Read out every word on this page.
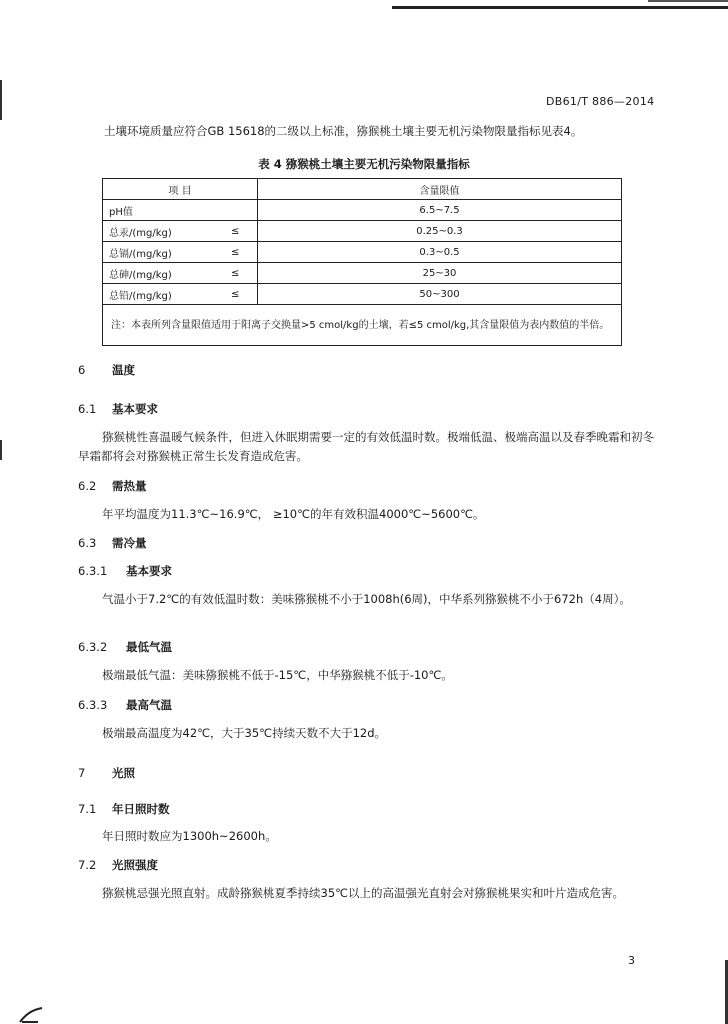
DB61/T 886—2014

土壤环境质量应符合GB 15618的二级以上标准，猕猴桃土壤主要无机污染物限量指标见表4。

表 4 猕猴桃土壤主要无机污染物限量指标
项 目		含量限值
pH值		6.5~7.5
总汞/(mg/kg)	≤	0.25~0.3
总镉/(mg/kg)	≤	0.3~0.5
总砷/(mg/kg)	≤	25~30
总铅/(mg/kg)	≤	50~300
注：本表所列含量限值适用于阳离子交换量>5 cmol/kg的土壤，若≤5 cmol/kg,其含量限值为表内数值的半倍。		
6 温度
6.1 基本要求

猕猴桃性喜温暖气候条件，但进入休眠期需要一定的有效低温时数。极端低温、极端高温以及春季晚霜和初冬早霜都将会对猕猴桃正常生长发育造成危害。

6.2 需热量

年平均温度为11.3℃~16.9℃， ≥10℃的年有效积温4000℃~5600℃。

6.3 需冷量
6.3.1 基本要求

气温小于7.2℃的有效低温时数：美味猕猴桃不小于1008h(6周)，中华系列猕猴桃不小于672h（4周）。

6.3.2 最低气温

极端最低气温：美味猕猴桃不低于-15℃，中华猕猴桃不低于-10℃。

6.3.3 最高气温

极端最高温度为42℃，大于35℃持续天数不大于12d。

7 光照
7.1 年日照时数

年日照时数应为1300h~2600h。

7.2 光照强度

猕猴桃忌强光照直射。成龄猕猴桃夏季持续35℃以上的高温强光直射会对猕猴桃果实和叶片造成危害。

3
